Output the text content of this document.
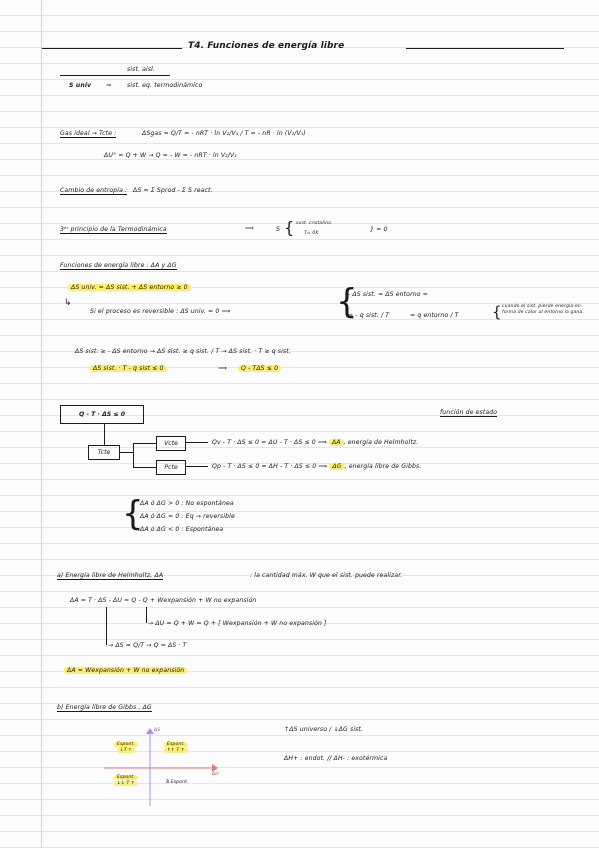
T4. Funciones de energía libre
sist. aisl.
S univ ⇒	sist. eq. termodinámico
Gas ideal → Tcte :	ΔSgas = Q/T = - nRT · ln V₂/V₁ / T = - nR · ln (V₂/V₁)
ΔU° = Q + W → Q = - W = - nRT · ln V₂/V₁
Cambio de entropía : ΔS = Σ Sprod - Σ S react.
3ᵉʳ principio de la Termodinámica	⟹	S { sust. cristalina
T= 0K
} = 0
Funciones de energía libre : ΔA y ΔG
ΔS univ. = ΔS sist. + ΔS entorno ≥ 0
↳
Si el proceso es reversible : ΔS univ. = 0 ⟹	{
- ΔS sist. = ΔS entorno =
= - q sist. / T	= q entorno / T { cuando el sist. pierde energía en forma de calor al entorno la gana.
ΔS sist. ≥ - ΔS entorno → ΔS sist. ≥ q sist. / T → ΔS sist. · T ≥ q sist.
ΔS sist. · T - q sist ≤ 0	⟹	Q - TΔS ≤ 0
Q - T · ΔS ≤ 0	función de estado
Tcte
Vcte
Pcte
Qv - T · ΔS ≤ 0 = ΔU - T · ΔS ≤ 0 ⟹ ΔA , energía de Helmholtz.
Qp - T · ΔS ≤ 0 = ΔH - T · ΔS ≤ 0 ⟹ ΔG , energía libre de Gibbs.
{
ΔA ó ΔG > 0 : No espontánea
ΔA ó ΔG = 0 : Eq → reversible
ΔA ó ΔG < 0 : Espontánea
a) Energía libre de Helmholtz, ΔA	: la cantidad máx. W que el sist. puede realizar.
ΔA = T · ΔS - ΔU = Q - Q + Wexpansión + W no expansión
→ ΔU = Q + W = Q + [ Wexpansión + W no expansión ]
→ ΔS = Q/T → Q = ΔS · T
ΔA = Wexpansión + W no expansión
b) Energía libre de Gibbs , ΔG
↑ΔS universo / ↓ΔG sist.
ΔH+ : endot. // ΔH- : exotérmica
ΔS
ΔH
Espont.
↓T ↑
Espont.
↑↑ T ↑
Espont.
↓↓ T ↑	∄ Espont.
